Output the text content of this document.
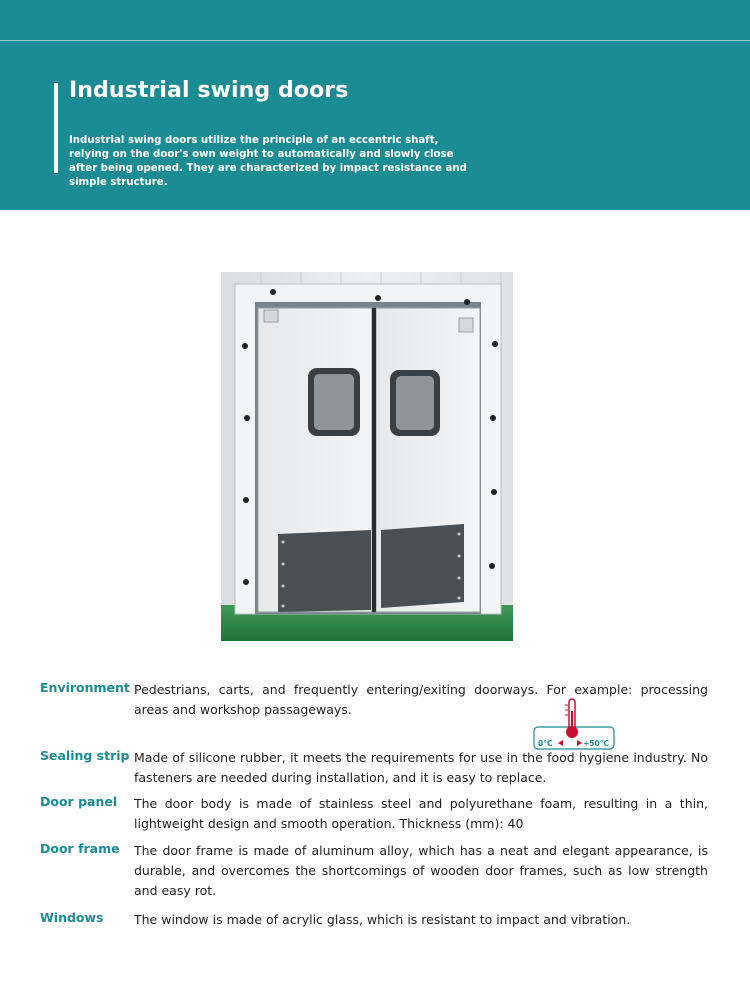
Industrial swing doors
Industrial swing doors utilize the principle of an eccentric shaft, relying on the door's own weight to automatically and slowly close after being opened. They are characterized by impact resistance and simple structure.
0°C	+50°C
Environment Pedestrians, carts, and frequently entering/exiting doorways. For example: processing areas and workshop passageways.
Sealing strip Made of silicone rubber, it meets the requirements for use in the food hygiene industry. No fasteners are needed during installation, and it is easy to replace.
Door panel The door body is made of stainless steel and polyurethane foam, resulting in a thin, lightweight design and smooth operation. Thickness (mm): 40
Door frame The door frame is made of aluminum alloy, which has a neat and elegant appearance, is durable, and overcomes the shortcomings of wooden door frames, such as low strength and easy rot.
Windows The window is made of acrylic glass, which is resistant to impact and vibration.
